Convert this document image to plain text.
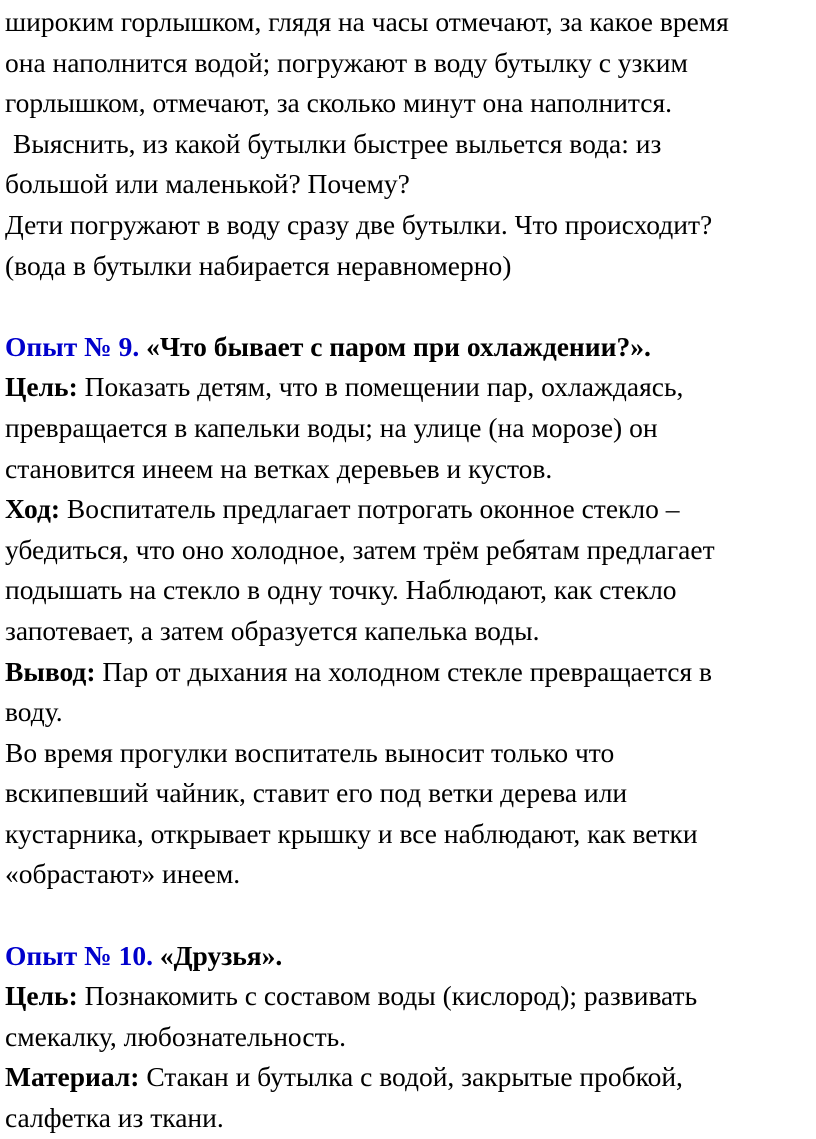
широким горлышком, глядя на часы отмечают, за какое время
она наполнится водой; погружают в воду бутылку с узким
горлышком, отмечают, за сколько минут она наполнится.
Выяснить, из какой бутылки быстрее выльется вода: из
большой или маленькой? Почему?
Дети погружают в воду сразу две бутылки. Что происходит?
(вода в бутылки набирается неравномерно)
Опыт № 9. «Что бывает с паром при охлаждении?».
Цель: Показать детям, что в помещении пар, охлаждаясь,
превращается в капельки воды; на улице (на морозе) он
становится инеем на ветках деревьев и кустов.
Ход: Воспитатель предлагает потрогать оконное стекло –
убедиться, что оно холодное, затем трём ребятам предлагает
подышать на стекло в одну точку. Наблюдают, как стекло
запотевает, а затем образуется капелька воды.
Вывод: Пар от дыхания на холодном стекле превращается в
воду.
Во время прогулки воспитатель выносит только что
вскипевший чайник, ставит его под ветки дерева или
кустарника, открывает крышку и все наблюдают, как ветки
«обрастают» инеем.
Опыт № 10. «Друзья».
Цель: Познакомить с составом воды (кислород); развивать
смекалку, любознательность.
Материал: Стакан и бутылка с водой, закрытые пробкой,
салфетка из ткани.
